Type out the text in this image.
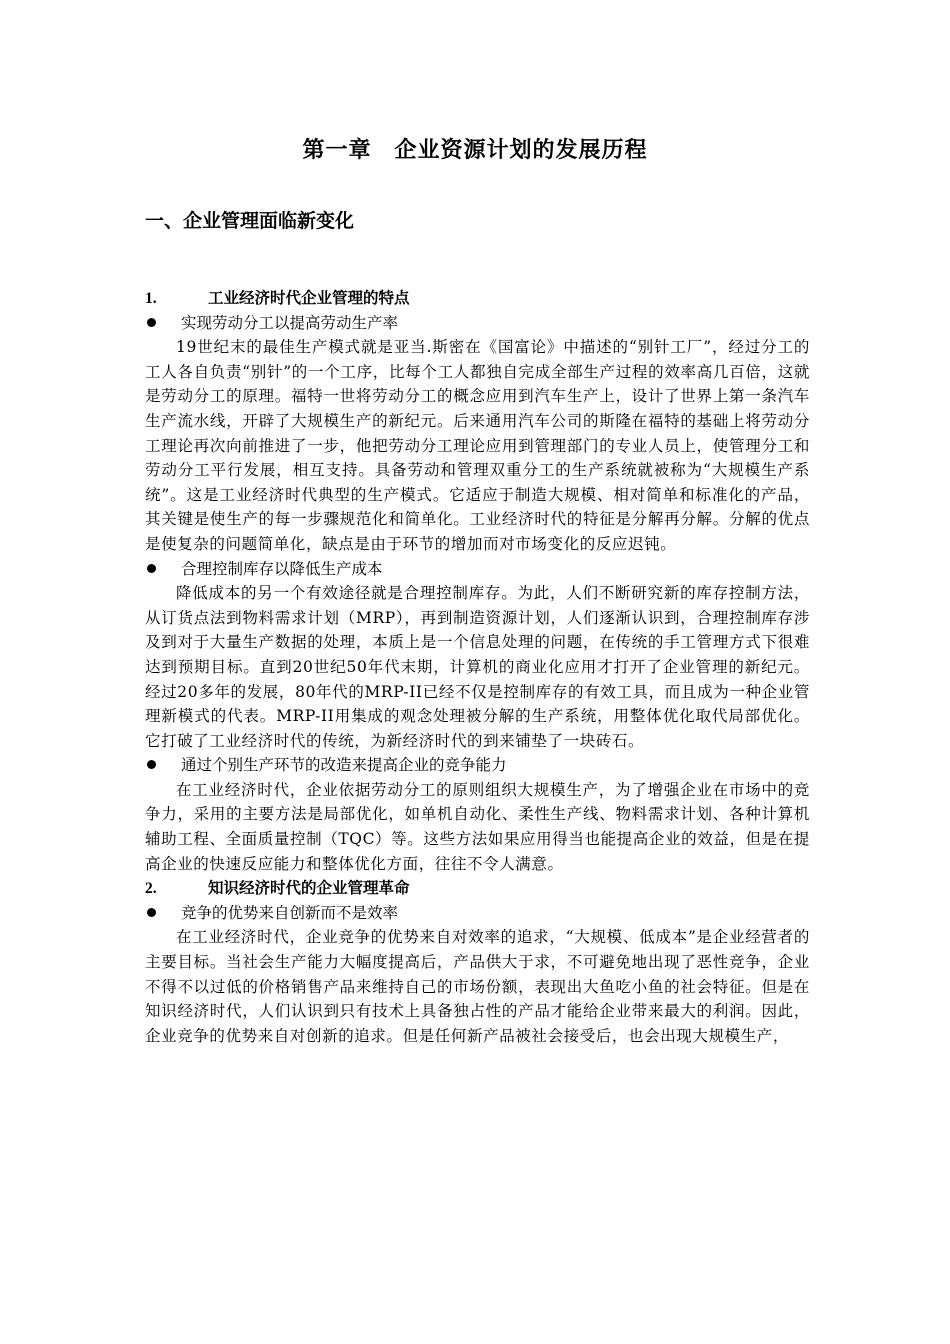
第一章　企业资源计划的发展历程
一、企业管理面临新变化
1.	工业经济时代企业管理的特点
实现劳动分工以提高劳动生产率

19世纪末的最佳生产模式就是亚当.斯密在《国富论》中描述的“别针工厂”，经过分工的工人各自负责“别针”的一个工序，比每个工人都独自完成全部生产过程的效率高几百倍，这就是劳动分工的原理。福特一世将劳动分工的概念应用到汽车生产上，设计了世界上第一条汽车生产流水线，开辟了大规模生产的新纪元。后来通用汽车公司的斯隆在福特的基础上将劳动分工理论再次向前推进了一步，他把劳动分工理论应用到管理部门的专业人员上，使管理分工和劳动分工平行发展，相互支持。具备劳动和管理双重分工的生产系统就被称为“大规模生产系统”。这是工业经济时代典型的生产模式。它适应于制造大规模、相对简单和标准化的产品，其关键是使生产的每一步骤规范化和简单化。工业经济时代的特征是分解再分解。分解的优点是使复杂的问题简单化，缺点是由于环节的增加而对市场变化的反应迟钝。

合理控制库存以降低生产成本

降低成本的另一个有效途径就是合理控制库存。为此，人们不断研究新的库存控制方法，从订货点法到物料需求计划（MRP），再到制造资源计划，人们逐渐认识到，合理控制库存涉及到对于大量生产数据的处理，本质上是一个信息处理的问题，在传统的手工管理方式下很难达到预期目标。直到20世纪50年代末期，计算机的商业化应用才打开了企业管理的新纪元。经过20多年的发展，80年代的MRP-II已经不仅是控制库存的有效工具，而且成为一种企业管理新模式的代表。MRP-II用集成的观念处理被分解的生产系统，用整体优化取代局部优化。它打破了工业经济时代的传统，为新经济时代的到来铺垫了一块砖石。

通过个别生产环节的改造来提高企业的竞争能力

在工业经济时代，企业依据劳动分工的原则组织大规模生产，为了增强企业在市场中的竞争力，采用的主要方法是局部优化，如单机自动化、柔性生产线、物料需求计划、各种计算机辅助工程、全面质量控制（TQC）等。这些方法如果应用得当也能提高企业的效益，但是在提高企业的快速反应能力和整体优化方面，往往不令人满意。

2.	知识经济时代的企业管理革命
竞争的优势来自创新而不是效率

在工业经济时代，企业竞争的优势来自对效率的追求，“大规模、低成本”是企业经营者的主要目标。当社会生产能力大幅度提高后，产品供大于求，不可避免地出现了恶性竞争，企业不得不以过低的价格销售产品来维持自己的市场份额，表现出大鱼吃小鱼的社会特征。但是在知识经济时代，人们认识到只有技术上具备独占性的产品才能给企业带来最大的利润。因此，企业竞争的优势来自对创新的追求。但是任何新产品被社会接受后，也会出现大规模生产，
